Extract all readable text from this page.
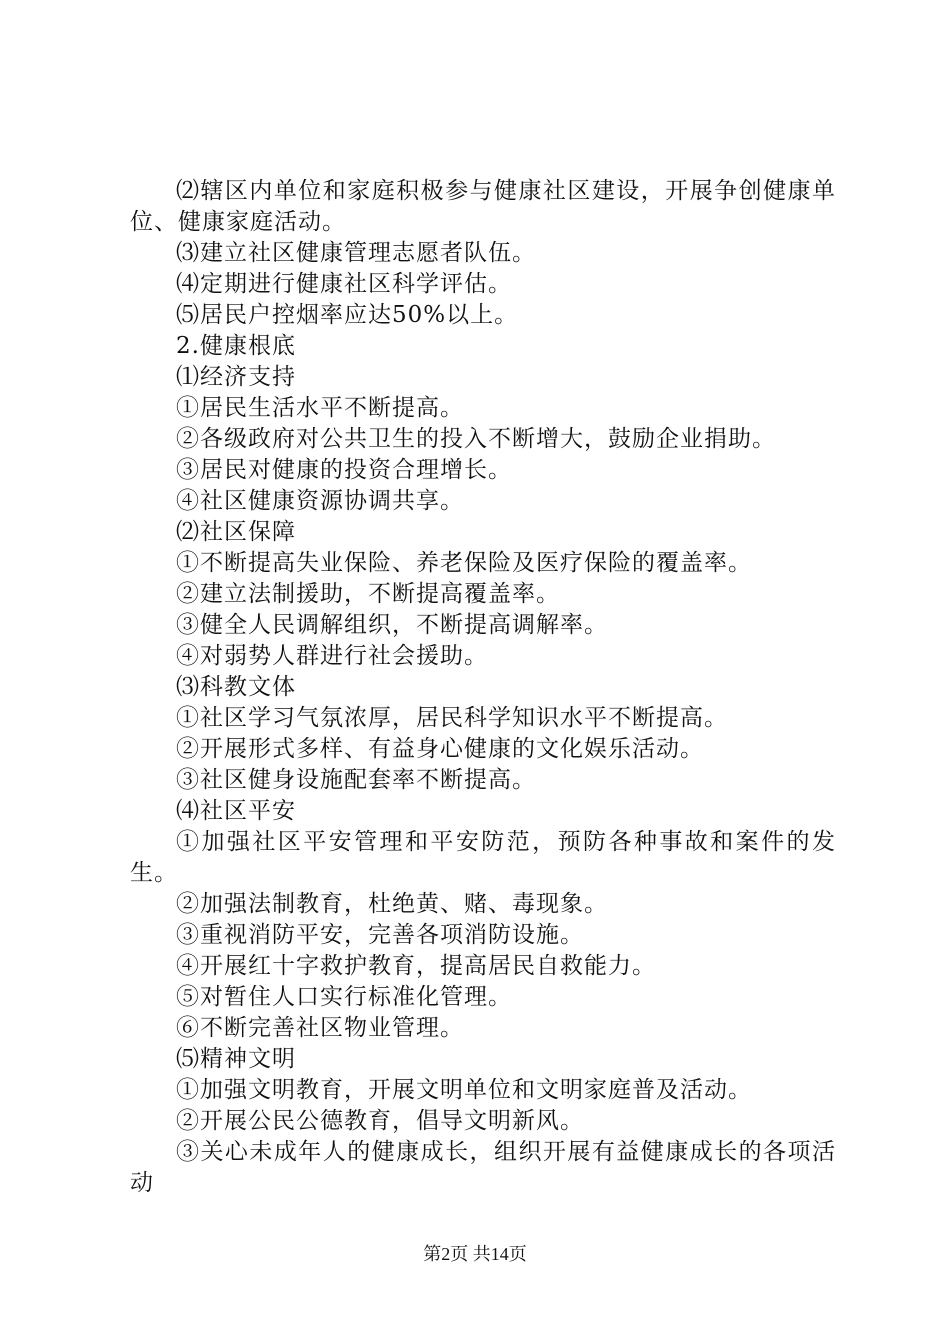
⑵辖区内单位和家庭积极参与健康社区建设，开展争创健康单位、健康家庭活动。

⑶建立社区健康管理志愿者队伍。

⑷定期进行健康社区科学评估。

⑸居民户控烟率应达50%以上。

2.健康根底

⑴经济支持

①居民生活水平不断提高。

②各级政府对公共卫生的投入不断增大，鼓励企业捐助。

③居民对健康的投资合理增长。

④社区健康资源协调共享。

⑵社区保障

①不断提高失业保险、养老保险及医疗保险的覆盖率。

②建立法制援助，不断提高覆盖率。

③健全人民调解组织，不断提高调解率。

④对弱势人群进行社会援助。

⑶科教文体

①社区学习气氛浓厚，居民科学知识水平不断提高。

②开展形式多样、有益身心健康的文化娱乐活动。

③社区健身设施配套率不断提高。

⑷社区平安

①加强社区平安管理和平安防范，预防各种事故和案件的发生。

②加强法制教育，杜绝黄、赌、毒现象。

③重视消防平安，完善各项消防设施。

④开展红十字救护教育，提高居民自救能力。

⑤对暂住人口实行标准化管理。

⑥不断完善社区物业管理。

⑸精神文明

①加强文明教育，开展文明单位和文明家庭普及活动。

②开展公民公德教育，倡导文明新风。

③关心未成年人的健康成长，组织开展有益健康成长的各项活动

第2页 共14页
